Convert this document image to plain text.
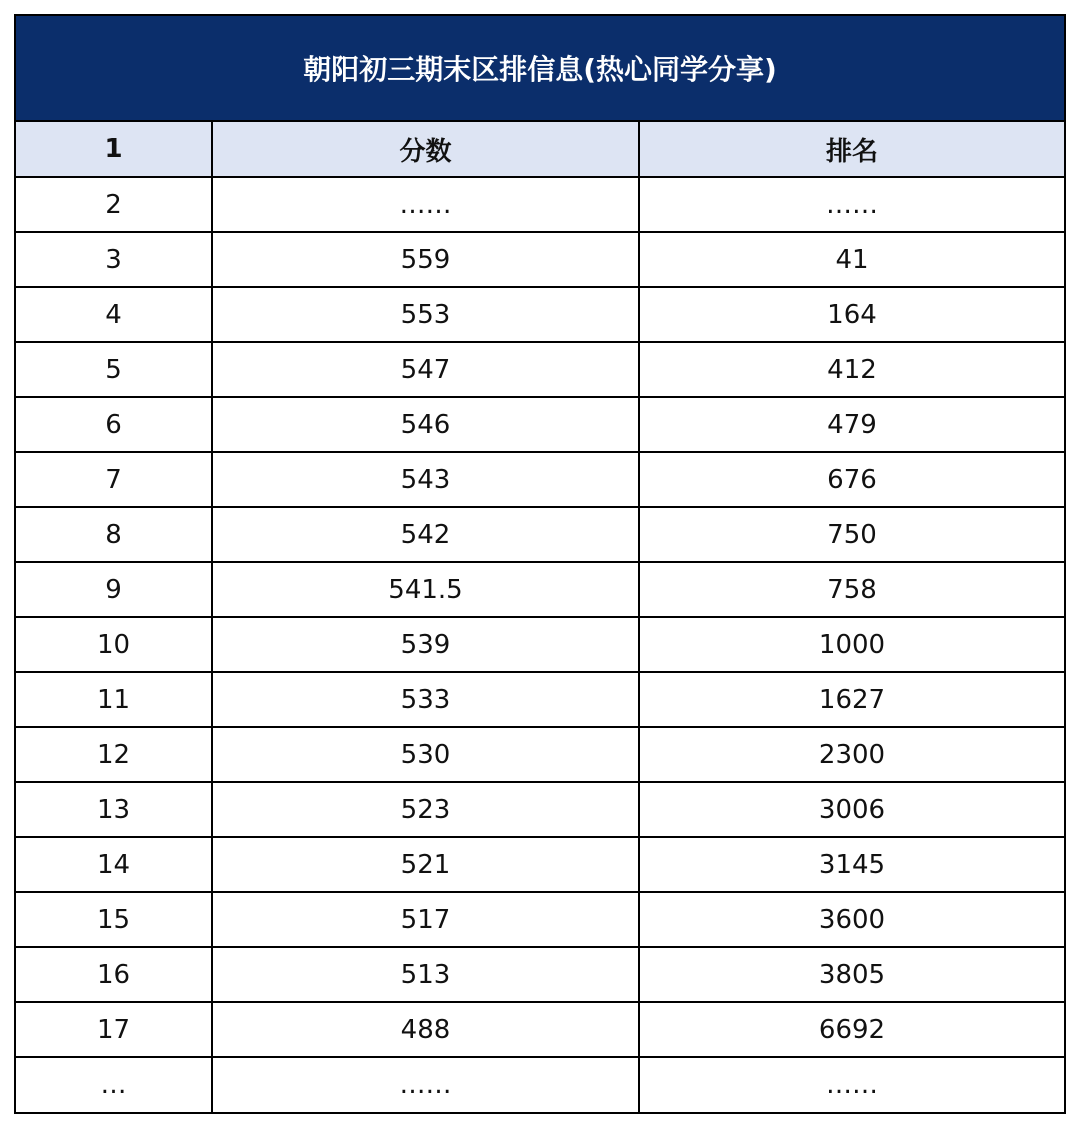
朝阳初三期末区排信息(热心同学分享)
1	分数	排名
2	……	……
3	559	41
4	553	164
5	547	412
6	546	479
7	543	676
8	542	750
9	541.5	758
10	539	1000
11	533	1627
12	530	2300
13	523	3006
14	521	3145
15	517	3600
16	513	3805
17	488	6692
…	……	……
